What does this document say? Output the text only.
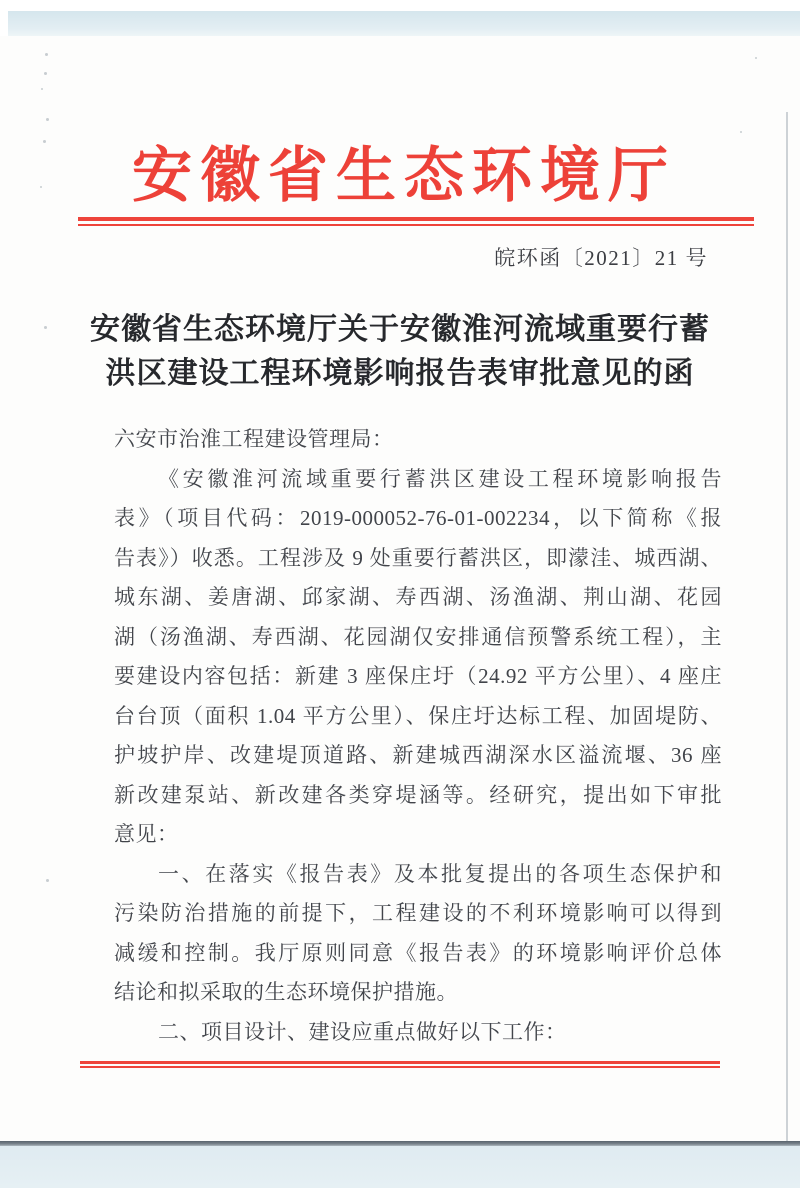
安徽省生态环境厅
皖环函〔2021〕21 号
安徽省生态环境厅关于安徽淮河流域重要行蓄
洪区建设工程环境影响报告表审批意见的函
六安市治淮工程建设管理局：
《安徽淮河流域重要行蓄洪区建设工程环境影响报告
表》（项目代码：2019-000052-76-01-002234，以下简称《报
告表》）收悉。工程涉及 9 处重要行蓄洪区，即濛洼、城西湖、
城东湖、姜唐湖、邱家湖、寿西湖、汤渔湖、荆山湖、花园
湖（汤渔湖、寿西湖、花园湖仅安排通信预警系统工程），主
要建设内容包括：新建 3 座保庄圩（24.92 平方公里）、4 座庄
台台顶（面积 1.04 平方公里）、保庄圩达标工程、加固堤防、
护坡护岸、改建堤顶道路、新建城西湖深水区溢流堰、36 座
新改建泵站、新改建各类穿堤涵等。经研究，提出如下审批
意见：
一、在落实《报告表》及本批复提出的各项生态保护和
污染防治措施的前提下，工程建设的不利环境影响可以得到
减缓和控制。我厅原则同意《报告表》的环境影响评价总体
结论和拟采取的生态环境保护措施。
二、项目设计、建设应重点做好以下工作：
